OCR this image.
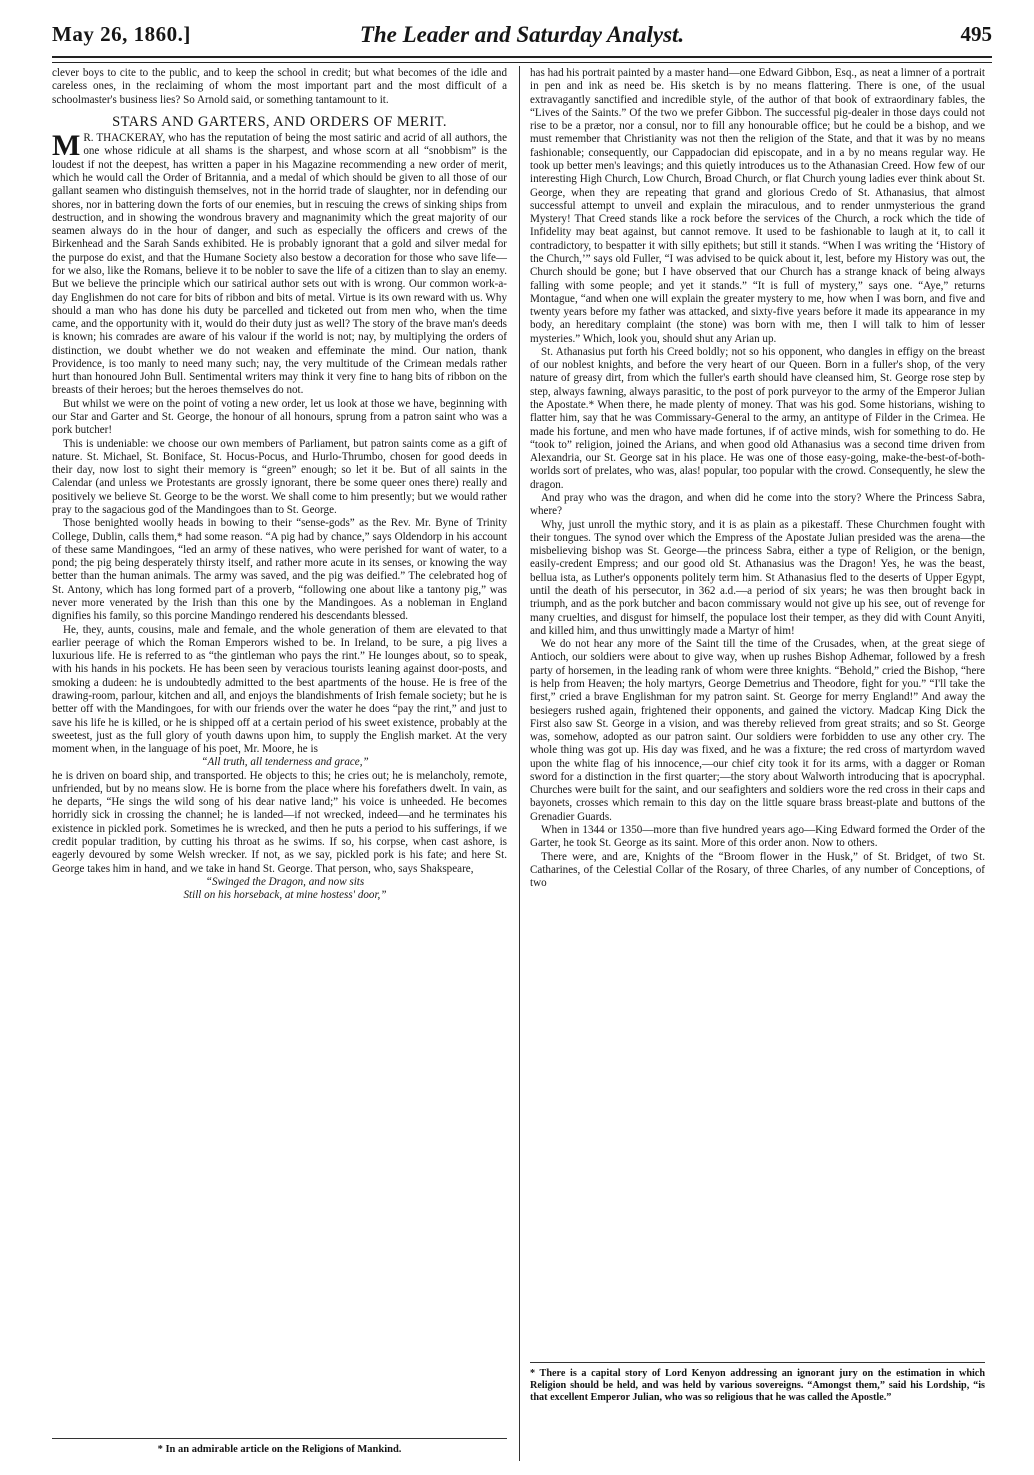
May 26, 1860.]	The Leader and Saturday Analyst.	495

clever boys to cite to the public, and to keep the school in credit; but what becomes of the idle and careless ones, in the reclaiming of whom the most important part and the most difficult of a schoolmaster's business lies? So Arnold said, or something tantamount to it.

STARS AND GARTERS, AND ORDERS OF MERIT.

M R. THACKERAY, who has the reputation of being the most satiric and acrid of all authors, the one whose ridicule at all shams is the sharpest, and whose scorn at all “snobbism” is the loudest if not the deepest, has written a paper in his Magazine recommending a new order of merit, which he would call the Order of Britannia, and a medal of which should be given to all those of our gallant seamen who distinguish themselves, not in the horrid trade of slaughter, nor in defending our shores, nor in battering down the forts of our enemies, but in rescuing the crews of sinking ships from destruction, and in showing the wondrous bravery and magnanimity which the great majority of our seamen always do in the hour of danger, and such as especially the officers and crews of the Birkenhead and the Sarah Sands exhibited. He is probably ignorant that a gold and silver medal for the purpose do exist, and that the Humane Society also bestow a decoration for those who save life—for we also, like the Romans, believe it to be nobler to save the life of a citizen than to slay an enemy. But we believe the principle which our satirical author sets out with is wrong. Our common work-a-day Englishmen do not care for bits of ribbon and bits of metal. Virtue is its own reward with us. Why should a man who has done his duty be parcelled and ticketed out from men who, when the time came, and the opportunity with it, would do their duty just as well? The story of the brave man's deeds is known; his comrades are aware of his valour if the world is not; nay, by multiplying the orders of distinction, we doubt whether we do not weaken and effeminate the mind. Our nation, thank Providence, is too manly to need many such; nay, the very multitude of the Crimean medals rather hurt than honoured John Bull. Sentimental writers may think it very fine to hang bits of ribbon on the breasts of their heroes; but the heroes themselves do not.

But whilst we were on the point of voting a new order, let us look at those we have, beginning with our Star and Garter and St. George, the honour of all honours, sprung from a patron saint who was a pork butcher!

This is undeniable: we choose our own members of Parliament, but patron saints come as a gift of nature. St. Michael, St. Boniface, St. Hocus-Pocus, and Hurlo-Thrumbo, chosen for good deeds in their day, now lost to sight their memory is “green” enough; so let it be. But of all saints in the Calendar (and unless we Protestants are grossly ignorant, there be some queer ones there) really and positively we believe St. George to be the worst. We shall come to him presently; but we would rather pray to the sagacious god of the Mandingoes than to St. George.

Those benighted woolly heads in bowing to their “sense-gods” as the Rev. Mr. Byne of Trinity College, Dublin, calls them,* had some reason. “A pig had by chance,” says Oldendorp in his account of these same Mandingoes, “led an army of these natives, who were perished for want of water, to a pond; the pig being desperately thirsty itself, and rather more acute in its senses, or knowing the way better than the human animals. The army was saved, and the pig was deified.” The celebrated hog of St. Antony, which has long formed part of a proverb, “following one about like a tantony pig,” was never more venerated by the Irish than this one by the Mandingoes. As a nobleman in England dignifies his family, so this porcine Mandingo rendered his descendants blessed.

He, they, aunts, cousins, male and female, and the whole generation of them are elevated to that earlier peerage of which the Roman Emperors wished to be. In Ireland, to be sure, a pig lives a luxurious life. He is referred to as “the gintleman who pays the rint.” He lounges about, so to speak, with his hands in his pockets. He has been seen by veracious tourists leaning against door-posts, and smoking a dudeen: he is undoubtedly admitted to the best apartments of the house. He is free of the drawing-room, parlour, kitchen and all, and enjoys the blandishments of Irish female society; but he is better off with the Mandingoes, for with our friends over the water he does “pay the rint,” and just to save his life he is killed, or he is shipped off at a certain period of his sweet existence, probably at the sweetest, just as the full glory of youth dawns upon him, to supply the English market. At the very moment when, in the language of his poet, Mr. Moore, he is

“All truth, all tenderness and grace,”

he is driven on board ship, and transported. He objects to this; he cries out; he is melancholy, remote, unfriended, but by no means slow. He is borne from the place where his forefathers dwelt. In vain, as he departs, “He sings the wild song of his dear native land;” his voice is unheeded. He becomes horridly sick in crossing the channel; he is landed—if not wrecked, indeed—and he terminates his existence in pickled pork. Sometimes he is wrecked, and then he puts a period to his sufferings, if we credit popular tradition, by cutting his throat as he swims. If so, his corpse, when cast ashore, is eagerly devoured by some Welsh wrecker. If not, as we say, pickled pork is his fate; and here St. George takes him in hand, and we take in hand St. George. That person, who, says Shakspeare,

“Swinged the Dragon, and now sits

Still on his horseback, at mine hostess' door,”

has had his portrait painted by a master hand—one Edward Gibbon, Esq., as neat a limner of a portrait in pen and ink as need be. His sketch is by no means flattering. There is one, of the usual extravagantly sanctified and incredible style, of the author of that book of extraordinary fables, the “Lives of the Saints.” Of the two we prefer Gibbon. The successful pig-dealer in those days could not rise to be a prætor, nor a consul, nor to fill any honourable office; but he could be a bishop, and we must remember that Christianity was not then the religion of the State, and that it was by no means fashionable; consequently, our Cappadocian did episcopate, and in a by no means regular way. He took up better men's leavings; and this quietly introduces us to the Athanasian Creed. How few of our interesting High Church, Low Church, Broad Church, or flat Church young ladies ever think about St. George, when they are repeating that grand and glorious Credo of St. Athanasius, that almost successful attempt to unveil and explain the miraculous, and to render unmysterious the grand Mystery! That Creed stands like a rock before the services of the Church, a rock which the tide of Infidelity may beat against, but cannot remove. It used to be fashionable to laugh at it, to call it contradictory, to bespatter it with silly epithets; but still it stands. “When I was writing the ‘History of the Church,’” says old Fuller, “I was advised to be quick about it, lest, before my History was out, the Church should be gone; but I have observed that our Church has a strange knack of being always falling with some people; and yet it stands.” “It is full of mystery,” says one. “Aye,” returns Montague, “and when one will explain the greater mystery to me, how when I was born, and five and twenty years before my father was attacked, and sixty-five years before it made its appearance in my body, an hereditary complaint (the stone) was born with me, then I will talk to him of lesser mysteries.” Which, look you, should shut any Arian up.

St. Athanasius put forth his Creed boldly; not so his opponent, who dangles in effigy on the breast of our noblest knights, and before the very heart of our Queen. Born in a fuller's shop, of the very nature of greasy dirt, from which the fuller's earth should have cleansed him, St. George rose step by step, always fawning, always parasitic, to the post of pork purveyor to the army of the Emperor Julian the Apostate.* When there, he made plenty of money. That was his god. Some historians, wishing to flatter him, say that he was Commissary-General to the army, an antitype of Filder in the Crimea. He made his fortune, and men who have made fortunes, if of active minds, wish for something to do. He “took to” religion, joined the Arians, and when good old Athanasius was a second time driven from Alexandria, our St. George sat in his place. He was one of those easy-going, make-the-best-of-both-worlds sort of prelates, who was, alas! popular, too popular with the crowd. Consequently, he slew the dragon.

And pray who was the dragon, and when did he come into the story? Where the Princess Sabra, where?

Why, just unroll the mythic story, and it is as plain as a pikestaff. These Churchmen fought with their tongues. The synod over which the Empress of the Apostate Julian presided was the arena—the misbelieving bishop was St. George—the princess Sabra, either a type of Religion, or the benign, easily-credent Empress; and our good old St. Athanasius was the Dragon! Yes, he was the beast, bellua ista, as Luther's opponents politely term him. St Athanasius fled to the deserts of Upper Egypt, until the death of his persecutor, in 362 a.d.—a period of six years; he was then brought back in triumph, and as the pork butcher and bacon commissary would not give up his see, out of revenge for many cruelties, and disgust for himself, the populace lost their temper, as they did with Count Anyiti, and killed him, and thus unwittingly made a Martyr of him!

We do not hear any more of the Saint till the time of the Crusades, when, at the great siege of Antioch, our soldiers were about to give way, when up rushes Bishop Adhemar, followed by a fresh party of horsemen, in the leading rank of whom were three knights. “Behold,” cried the Bishop, “here is help from Heaven; the holy martyrs, George Demetrius and Theodore, fight for you.” “I'll take the first,” cried a brave Englishman for my patron saint. St. George for merry England!” And away the besiegers rushed again, frightened their opponents, and gained the victory. Madcap King Dick the First also saw St. George in a vision, and was thereby relieved from great straits; and so St. George was, somehow, adopted as our patron saint. Our soldiers were forbidden to use any other cry. The whole thing was got up. His day was fixed, and he was a fixture; the red cross of martyrdom waved upon the white flag of his innocence,—our chief city took it for its arms, with a dagger or Roman sword for a distinction in the first quarter;—the story about Walworth introducing that is apocryphal. Churches were built for the saint, and our seafighters and soldiers wore the red cross in their caps and bayonets, crosses which remain to this day on the little square brass breast-plate and buttons of the Grenadier Guards.

When in 1344 or 1350—more than five hundred years ago—King Edward formed the Order of the Garter, he took St. George as its saint. More of this order anon. Now to others.

There were, and are, Knights of the “Broom flower in the Husk,” of St. Bridget, of two St. Catharines, of the Celestial Collar of the Rosary, of three Charles, of any number of Conceptions, of two

* In an admirable article on the Religions of Mankind.
* There is a capital story of Lord Kenyon addressing an ignorant jury on the estimation in which Religion should be held, and was held by various sovereigns. “Amongst them,” said his Lordship, “is that excellent Emperor Julian, who was so religious that he was called the Apostle.”
